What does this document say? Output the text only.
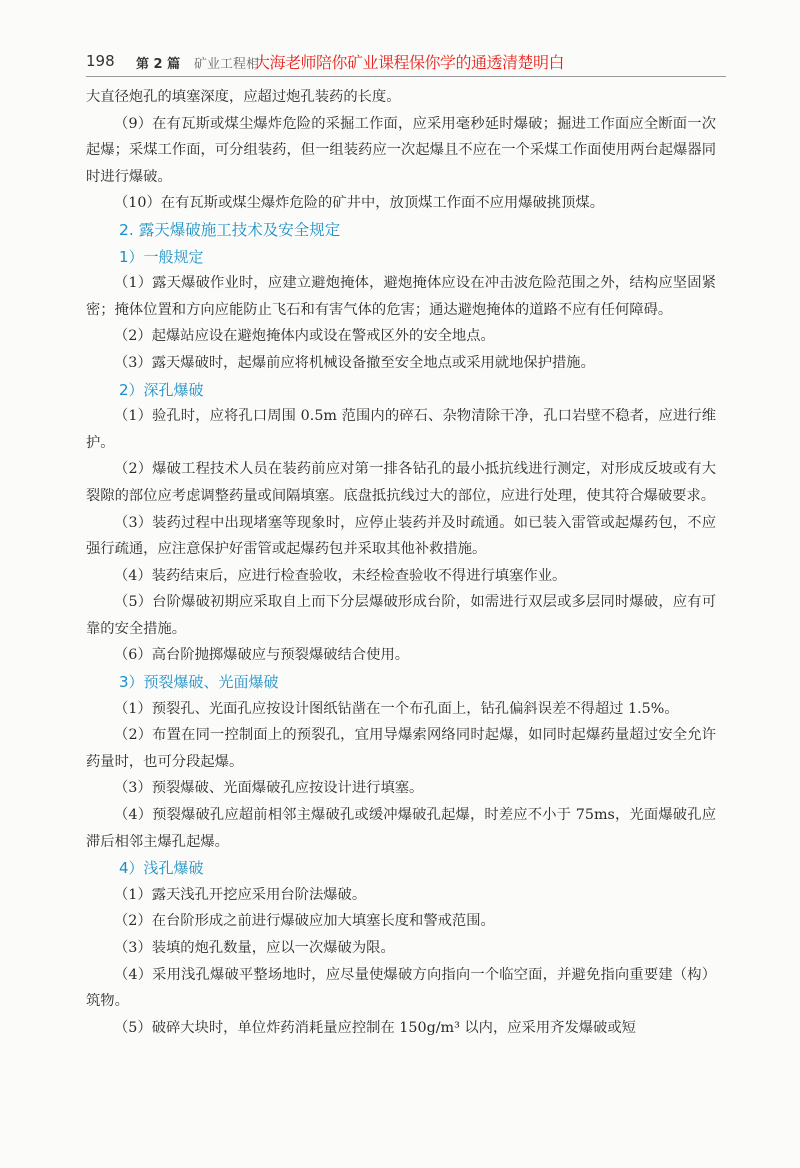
198 第 2 篇 矿业工程相
大海老师陪你矿业课程保你学的通透清楚明白

大直径炮孔的填塞深度，应超过炮孔装药的长度。

（9）在有瓦斯或煤尘爆炸危险的采掘工作面，应采用毫秒延时爆破；掘进工作面应全断面一次起爆；采煤工作面，可分组装药，但一组装药应一次起爆且不应在一个采煤工作面使用两台起爆器同时进行爆破。

（10）在有瓦斯或煤尘爆炸危险的矿井中，放顶煤工作面不应用爆破挑顶煤。

2. 露天爆破施工技术及安全规定

1）一般规定

（1）露天爆破作业时，应建立避炮掩体，避炮掩体应设在冲击波危险范围之外，结构应坚固紧密；掩体位置和方向应能防止飞石和有害气体的危害；通达避炮掩体的道路不应有任何障碍。

（2）起爆站应设在避炮掩体内或设在警戒区外的安全地点。

（3）露天爆破时，起爆前应将机械设备撤至安全地点或采用就地保护措施。

2）深孔爆破

（1）验孔时，应将孔口周围 0.5m 范围内的碎石、杂物清除干净，孔口岩壁不稳者，应进行维护。

（2）爆破工程技术人员在装药前应对第一排各钻孔的最小抵抗线进行测定，对形成反坡或有大裂隙的部位应考虑调整药量或间隔填塞。底盘抵抗线过大的部位，应进行处理，使其符合爆破要求。

（3）装药过程中出现堵塞等现象时，应停止装药并及时疏通。如已装入雷管或起爆药包，不应强行疏通，应注意保护好雷管或起爆药包并采取其他补救措施。

（4）装药结束后，应进行检查验收，未经检查验收不得进行填塞作业。

（5）台阶爆破初期应采取自上而下分层爆破形成台阶，如需进行双层或多层同时爆破，应有可靠的安全措施。

（6）高台阶抛掷爆破应与预裂爆破结合使用。

3）预裂爆破、光面爆破

（1）预裂孔、光面孔应按设计图纸钻凿在一个布孔面上，钻孔偏斜误差不得超过 1.5%。

（2）布置在同一控制面上的预裂孔，宜用导爆索网络同时起爆，如同时起爆药量超过安全允许药量时，也可分段起爆。

（3）预裂爆破、光面爆破孔应按设计进行填塞。

（4）预裂爆破孔应超前相邻主爆破孔或缓冲爆破孔起爆，时差应不小于 75ms，光面爆破孔应滞后相邻主爆孔起爆。

4）浅孔爆破

（1）露天浅孔开挖应采用台阶法爆破。

（2）在台阶形成之前进行爆破应加大填塞长度和警戒范围。

（3）装填的炮孔数量，应以一次爆破为限。

（4）采用浅孔爆破平整场地时，应尽量使爆破方向指向一个临空面，并避免指向重要建（构）筑物。

（5）破碎大块时，单位炸药消耗量应控制在 150g/m³ 以内，应采用齐发爆破或短
